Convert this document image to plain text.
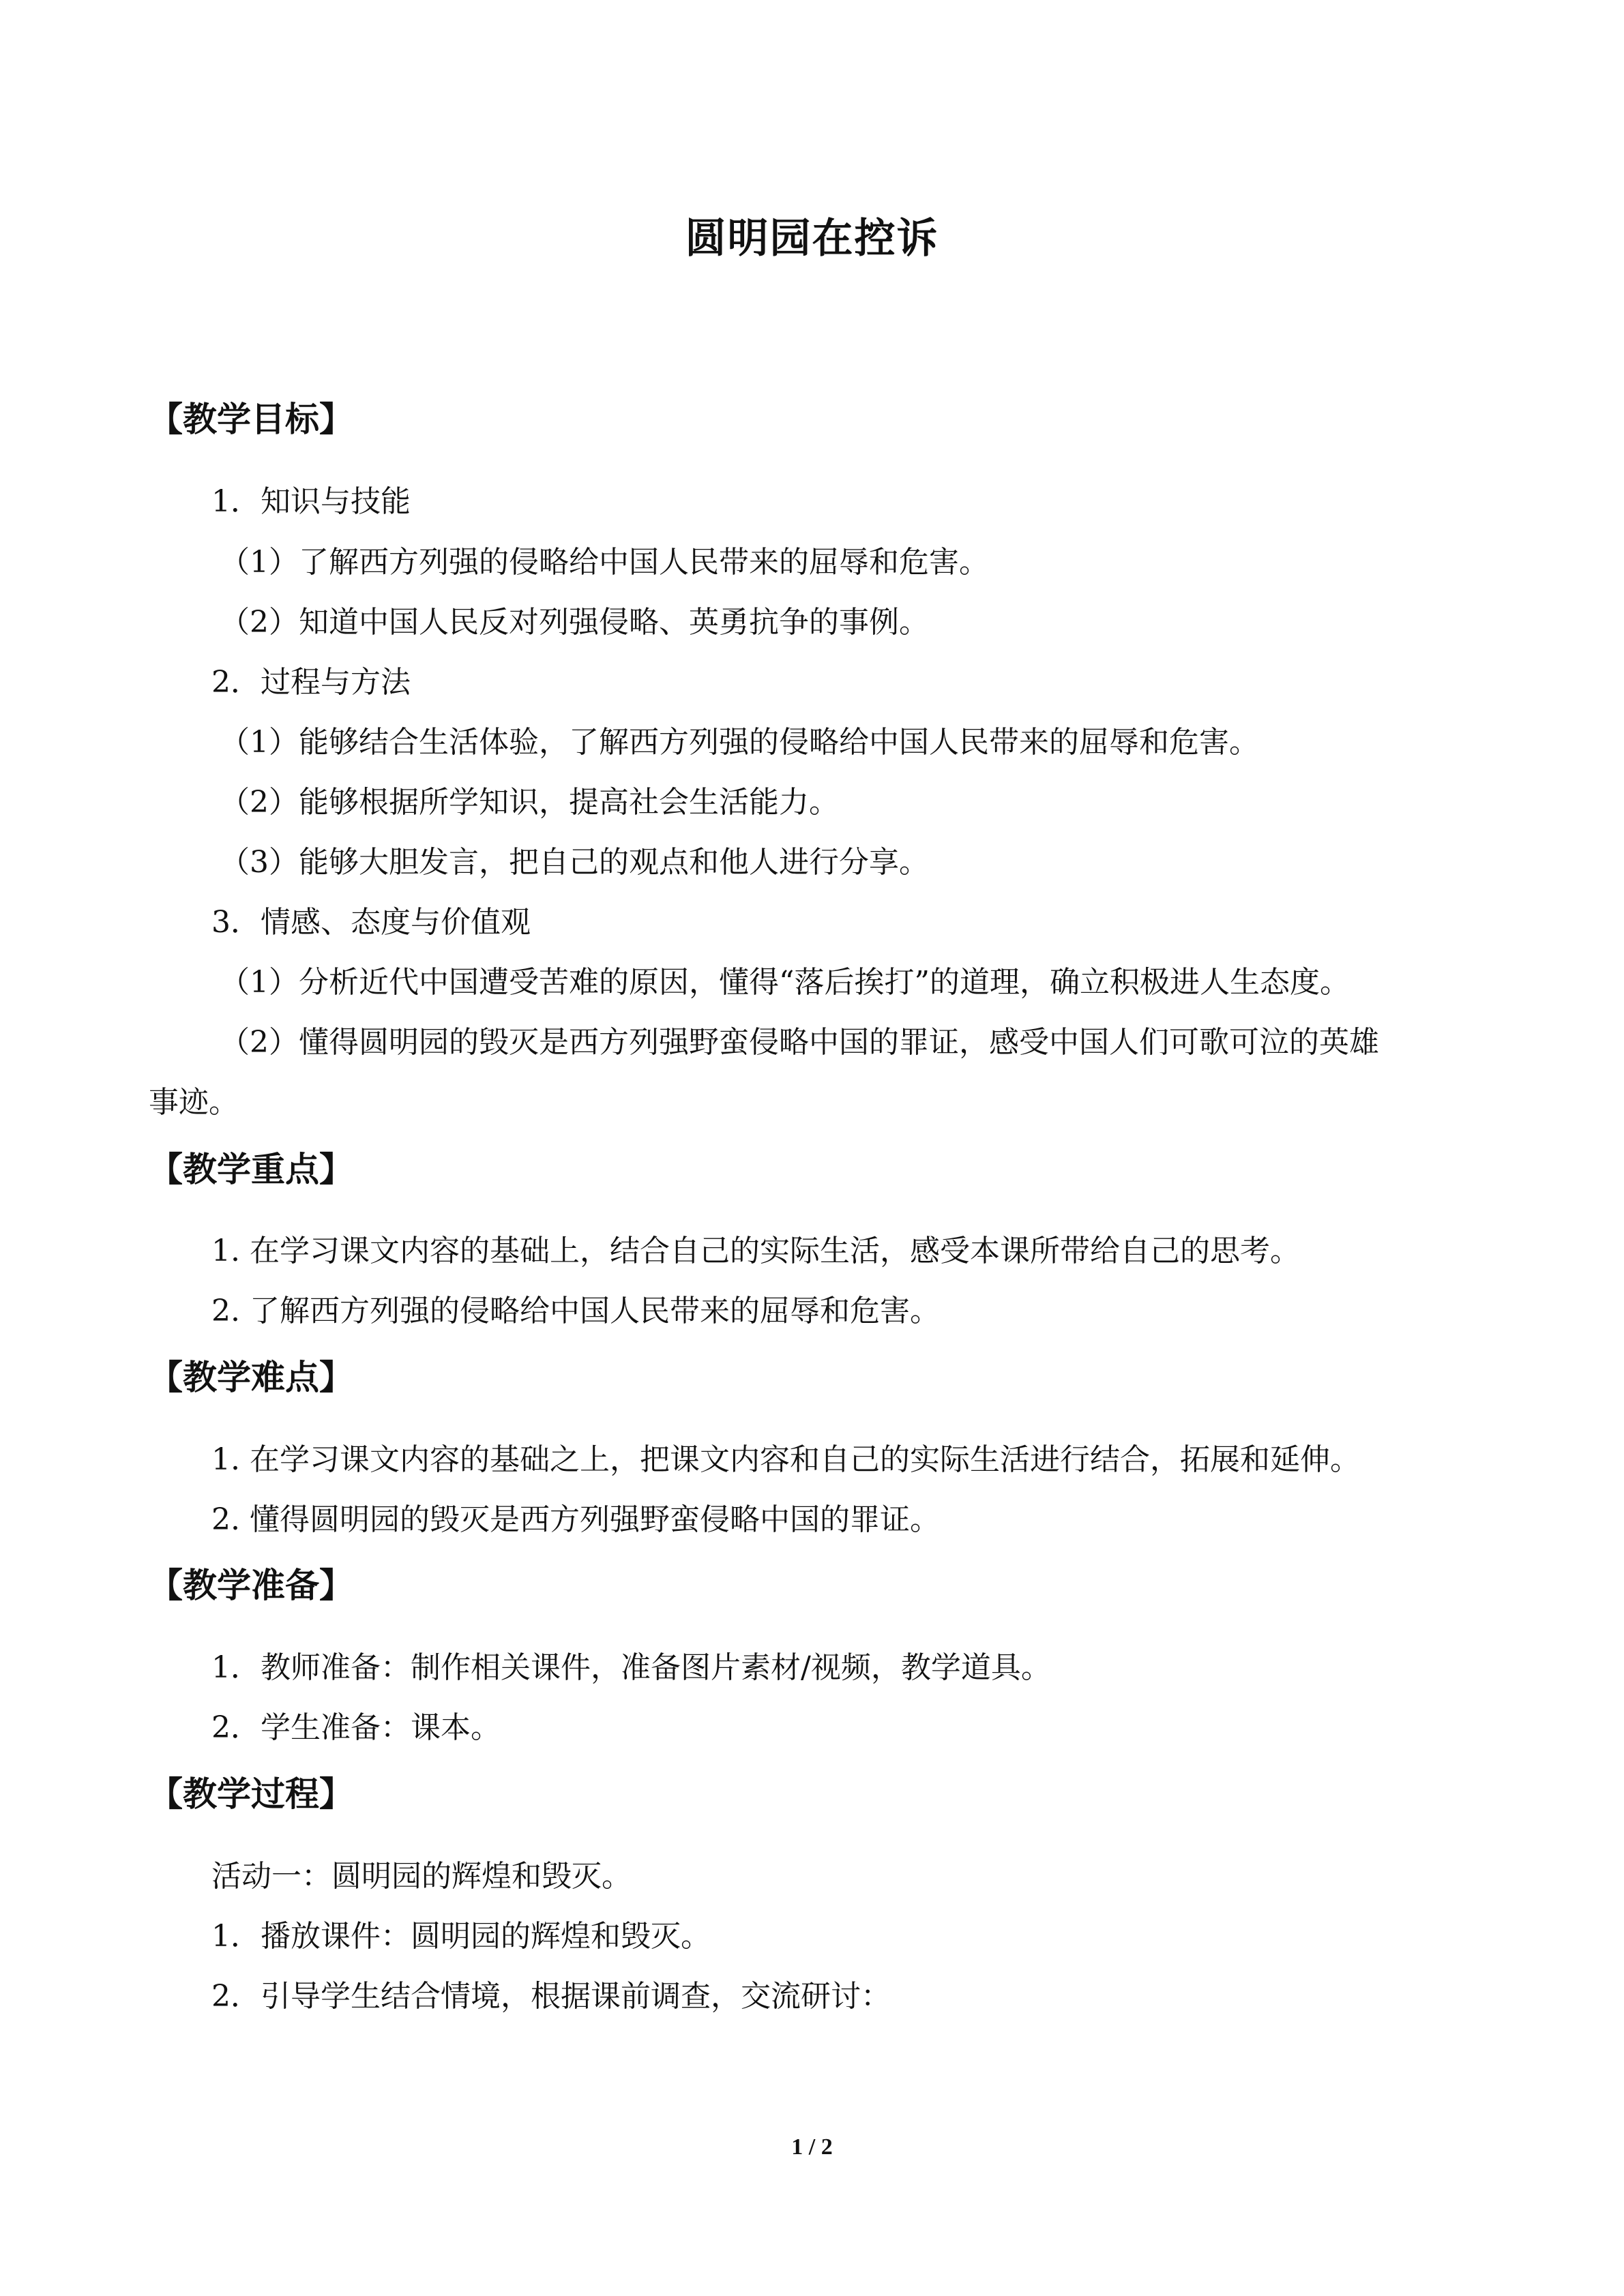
圆明园在控诉
【教学目标】
1．知识与技能
（1）了解西方列强的侵略给中国人民带来的屈辱和危害。
（2）知道中国人民反对列强侵略、英勇抗争的事例。
2．过程与方法
（1）能够结合生活体验，了解西方列强的侵略给中国人民带来的屈辱和危害。
（2）能够根据所学知识，提高社会生活能力。
（3）能够大胆发言，把自己的观点和他人进行分享。
3．情感、态度与价值观
（1）分析近代中国遭受苦难的原因，懂得“落后挨打”的道理，确立积极进人生态度。
（2）懂得圆明园的毁灭是西方列强野蛮侵略中国的罪证，感受中国人们可歌可泣的英雄
事迹。
【教学重点】
1. 在学习课文内容的基础上，结合自己的实际生活，感受本课所带给自己的思考。
2. 了解西方列强的侵略给中国人民带来的屈辱和危害。
【教学难点】
1. 在学习课文内容的基础之上，把课文内容和自己的实际生活进行结合，拓展和延伸。
2. 懂得圆明园的毁灭是西方列强野蛮侵略中国的罪证。
【教学准备】
1．教师准备：制作相关课件，准备图片素材/视频，教学道具。
2．学生准备：课本。
【教学过程】
活动一：圆明园的辉煌和毁灭。
1．播放课件：圆明园的辉煌和毁灭。
2．引导学生结合情境，根据课前调查，交流研讨：
1 / 2
